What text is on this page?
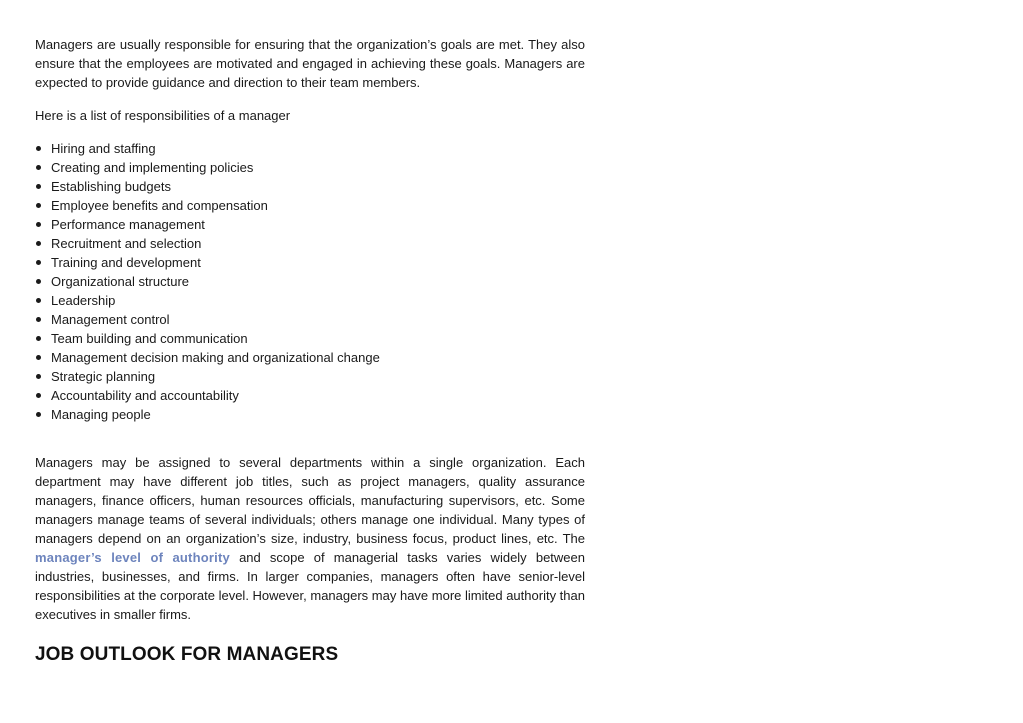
Managers are usually responsible for ensuring that the organization’s goals are met. They also ensure that the employees are motivated and engaged in achieving these goals. Managers are expected to provide guidance and direction to their team members.

Here is a list of responsibilities of a manager

Hiring and staffing
Creating and implementing policies
Establishing budgets
Employee benefits and compensation
Performance management
Recruitment and selection
Training and development
Organizational structure
Leadership
Management control
Team building and communication
Management decision making and organizational change
Strategic planning
Accountability and accountability
Managing people

Managers may be assigned to several departments within a single organization. Each department may have different job titles, such as project managers, quality assurance managers, finance officers, human resources officials, manufacturing supervisors, etc. Some managers manage teams of several individuals; others manage one individual. Many types of managers depend on an organization’s size, industry, business focus, product lines, etc. The manager’s level of authority and scope of managerial tasks varies widely between industries, businesses, and firms. In larger companies, managers often have senior-level responsibilities at the corporate level. However, managers may have more limited authority than executives in smaller firms.

JOB OUTLOOK FOR MANAGERS
